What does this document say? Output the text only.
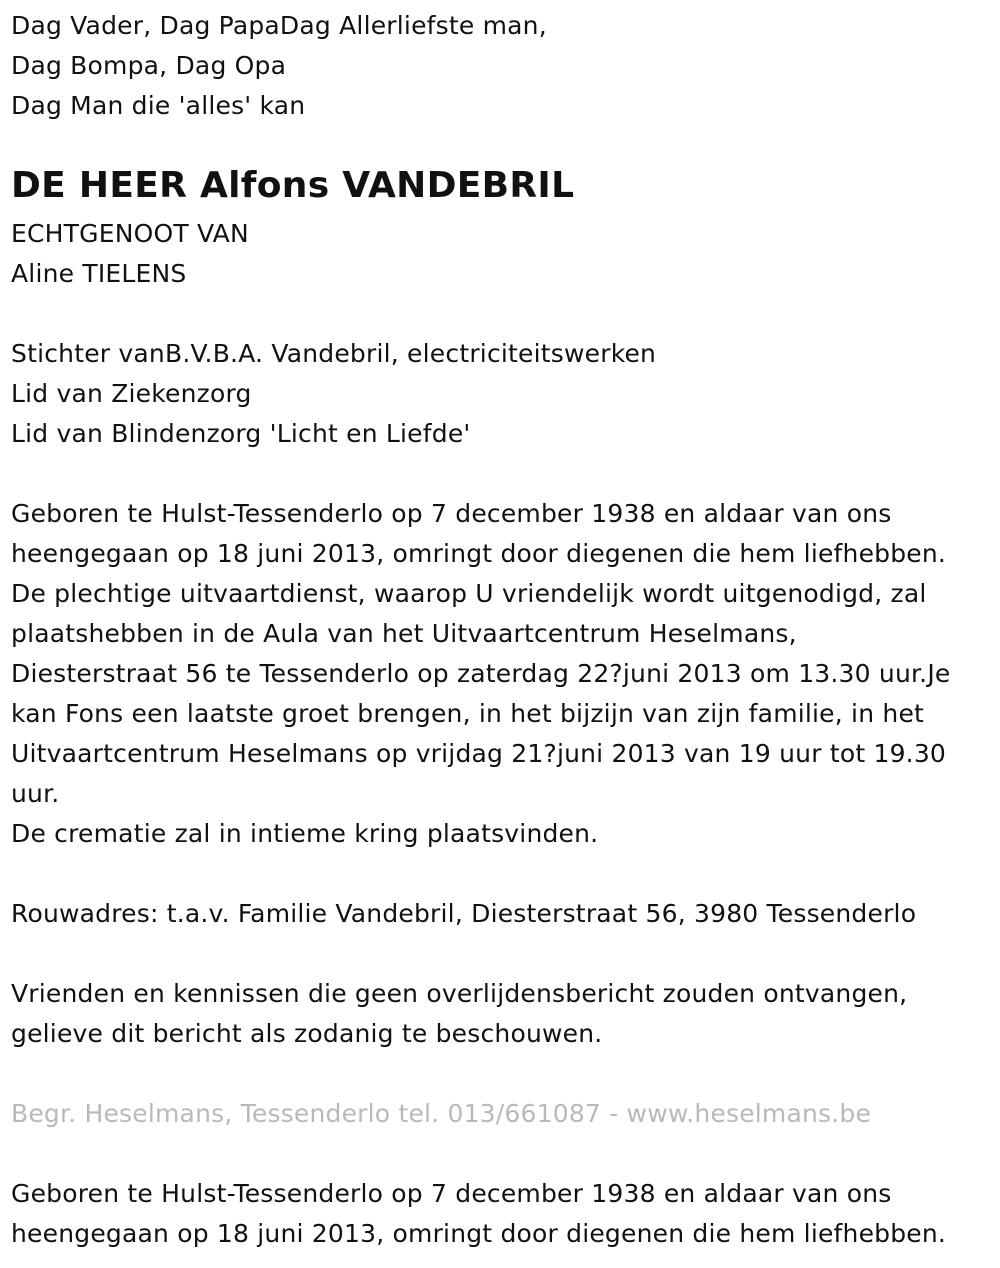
Dag Vader, Dag PapaDag Allerliefste man,
Dag Bompa, Dag Opa
Dag Man die 'alles' kan
DE HEER Alfons VANDEBRIL
ECHTGENOOT VAN
Aline TIELENS
Stichter vanB.V.B.A. Vandebril, electriciteitswerken
Lid van Ziekenzorg
Lid van Blindenzorg 'Licht en Liefde'
Geboren te Hulst-Tessenderlo op 7 december 1938 en aldaar van ons
heengegaan op 18 juni 2013, omringt door diegenen die hem liefhebben.
De plechtige uitvaartdienst, waarop U vriendelijk wordt uitgenodigd, zal
plaatshebben in de Aula van het Uitvaartcentrum Heselmans,
Diesterstraat 56 te Tessenderlo op zaterdag 22?juni 2013 om 13.30 uur.Je
kan Fons een laatste groet brengen, in het bijzijn van zijn familie, in het
Uitvaartcentrum Heselmans op vrijdag 21?juni 2013 van 19 uur tot 19.30
uur.
De crematie zal in intieme kring plaatsvinden.
Rouwadres: t.a.v. Familie Vandebril, Diesterstraat 56, 3980 Tessenderlo
Vrienden en kennissen die geen overlijdensbericht zouden ontvangen,
gelieve dit bericht als zodanig te beschouwen.
Begr. Heselmans, Tessenderlo tel. 013/661087 - www.heselmans.be
Geboren te Hulst-Tessenderlo op 7 december 1938 en aldaar van ons
heengegaan op 18 juni 2013, omringt door diegenen die hem liefhebben.
